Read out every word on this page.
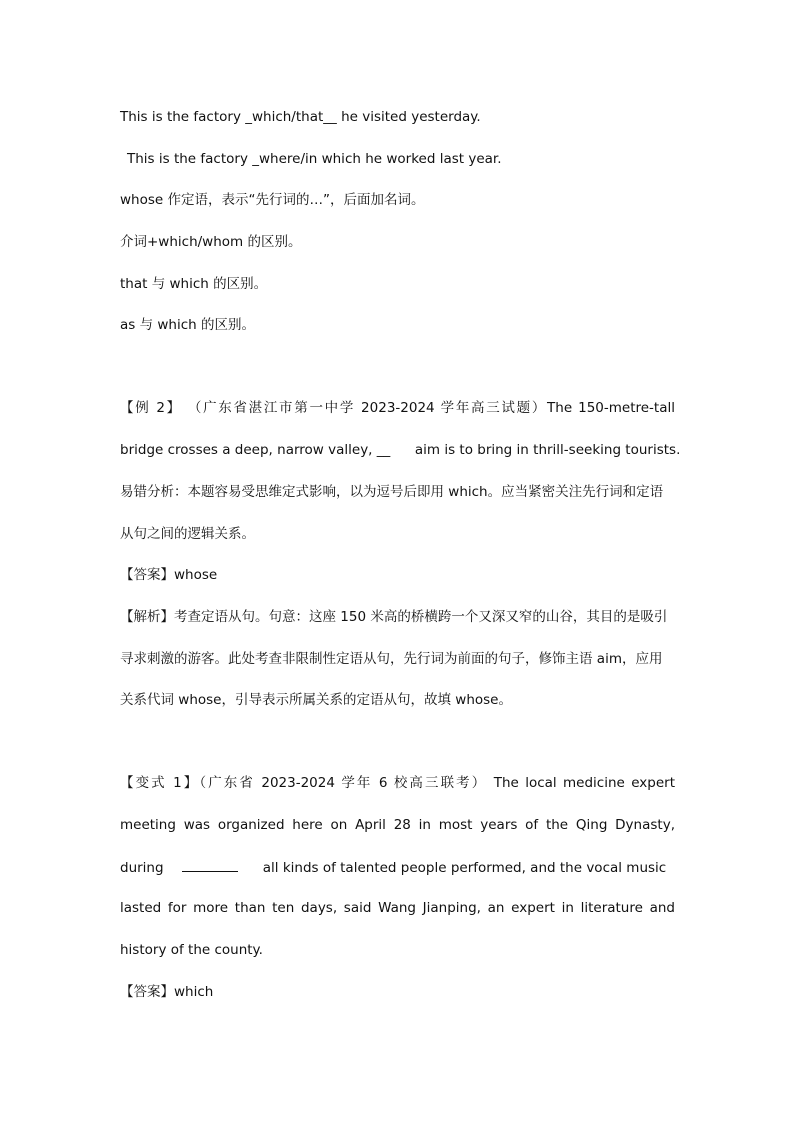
This is the factory _which/that__ he visited yesterday.
This is the factory _where/in which he worked last year.
whose 作定语，表示“先行词的…”，后面加名词。
介词+which/whom 的区别。
that 与 which 的区别。
as 与 which 的区别。
【例 2】 （广东省湛江市第一中学 2023-2024 学年高三试题）The 150-metre-tall
bridge crosses a deep, narrow valley, __ aim is to bring in thrill-seeking tourists.
易错分析：本题容易受思维定式影响，以为逗号后即用 which。应当紧密关注先行词和定语
从句之间的逻辑关系。
【答案】whose
【解析】考查定语从句。句意：这座 150 米高的桥横跨一个又深又窄的山谷，其目的是吸引
寻求刺激的游客。此处考查非限制性定语从句，先行词为前面的句子，修饰主语 aim，应用
关系代词 whose，引导表示所属关系的定语从句，故填 whose。
【变式 1】（广东省 2023-2024 学年 6 校高三联考） The local medicine expert
meeting was organized here on April 28 in most years of the Qing Dynasty,
during	all kinds of talented people performed, and the vocal music
lasted for more than ten days, said Wang Jianping, an expert in literature and
history of the county.
【答案】which
